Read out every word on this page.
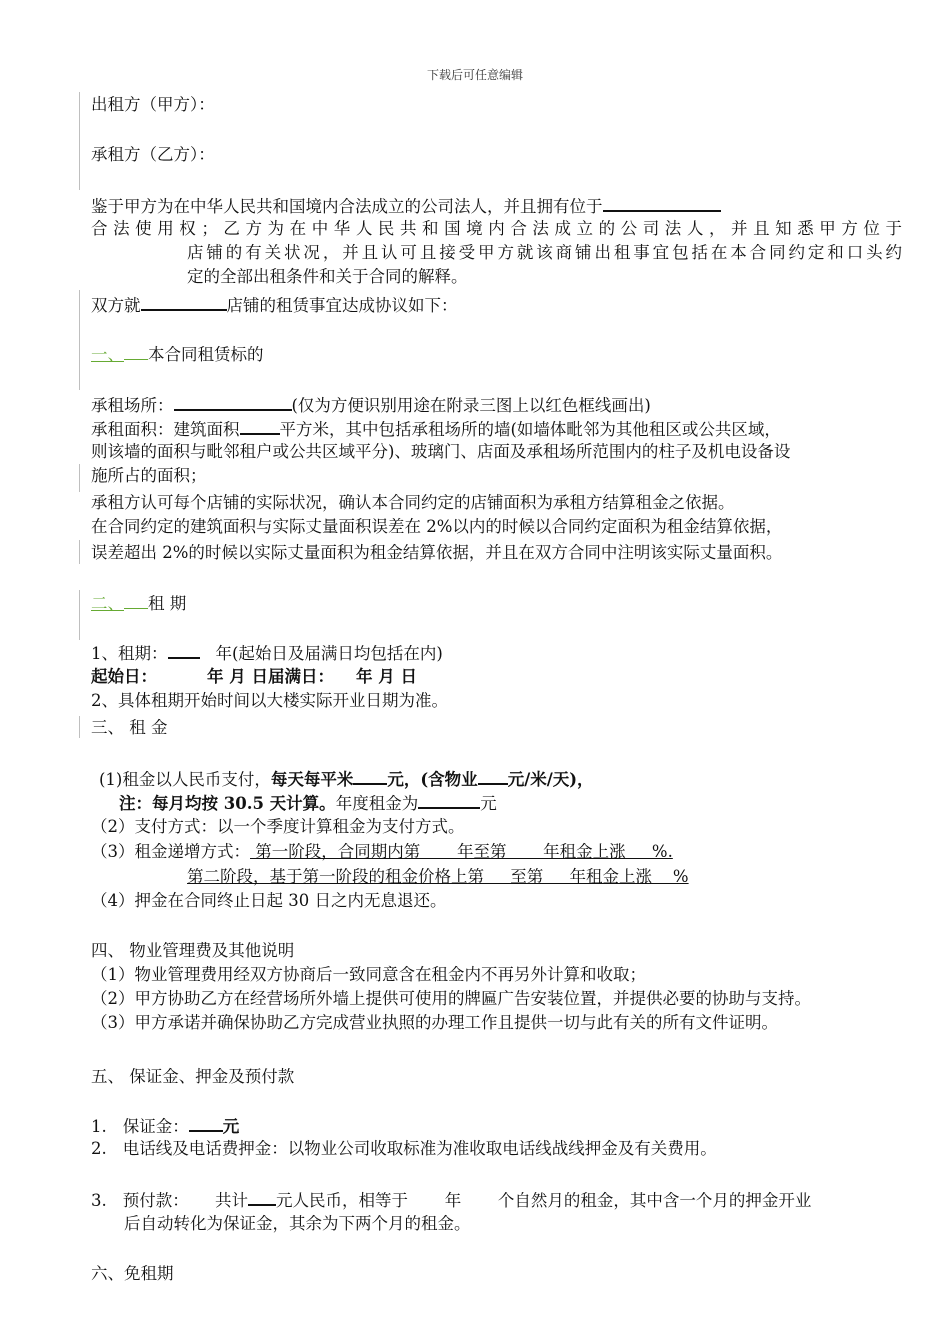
下载后可任意编辑
出租方（甲方）：
承租方（乙方）：
鉴于甲方为在中华人民共和国境内合法成立的公司法人，并且拥有位于
合法使用权；乙方为在中华人民共和国境内合法成立的公司法人，并且知悉甲方位于
店铺的有关状况，并且认可且接受甲方就该商铺出租事宜包括在本合同约定和口头约
定的全部出租条件和关于合同的解释。
双方就	店铺的租赁事宜达成协议如下：
一、 本合同租赁标的
承租场所：	(仅为方便识别用途在附录三图上以红色框线画出)
承租面积：建筑面积 平方米，其中包括承租场所的墙(如墙体毗邻为其他租区或公共区域，
则该墙的面积与毗邻租户或公共区域平分)、玻璃门、店面及承租场所范围内的柱子及机电设备设
施所占的面积；
承租方认可每个店铺的实际状况，确认本合同约定的店铺面积为承租方结算租金之依据。
在合同约定的建筑面积与实际丈量面积误差在 2%以内的时候以合同约定面积为租金结算依据，
误差超出 2%的时候以实际丈量面积为租金结算依据，并且在双方合同中注明该实际丈量面积。
二、 租 期
1、租期：	年(起始日及届满日均包括在内)
起始日：	年 月 日届满日： 年 月 日
2、具体租期开始时间以大楼实际开业日期为准。
三、 租 金
(1)租金以人民币支付，每天每平米 元，(含物业 元/米/天)，
注：每月均按 30.5 天计算。年度租金为	元
（2）支付方式：以一个季度计算租金为支付方式。
（3）租金递增方式： 第一阶段，合同期内第       年至第       年租金上涨     %.
第二阶段，基于第一阶段的租金价格上第     至第     年租金上涨    %
（4）押金在合同终止日起 30 日之内无息退还。
四、 物业管理费及其他说明
（1）物业管理费用经双方协商后一致同意含在租金内不再另外计算和收取；
（2）甲方协助乙方在经营场所外墙上提供可使用的牌匾广告安装位置，并提供必要的协助与支持。
（3）甲方承诺并确保协助乙方完成营业执照的办理工作且提供一切与此有关的所有文件证明。
五、 保证金、押金及预付款
1. 保证金： 元
2. 电话线及电话费押金：以物业公司收取标准为准收取电话线战线押金及有关费用。
3. 预付款：     共计 元人民币，相等于       年       个自然月的租金，其中含一个月的押金开业
后自动转化为保证金，其余为下两个月的租金。
六、免租期
